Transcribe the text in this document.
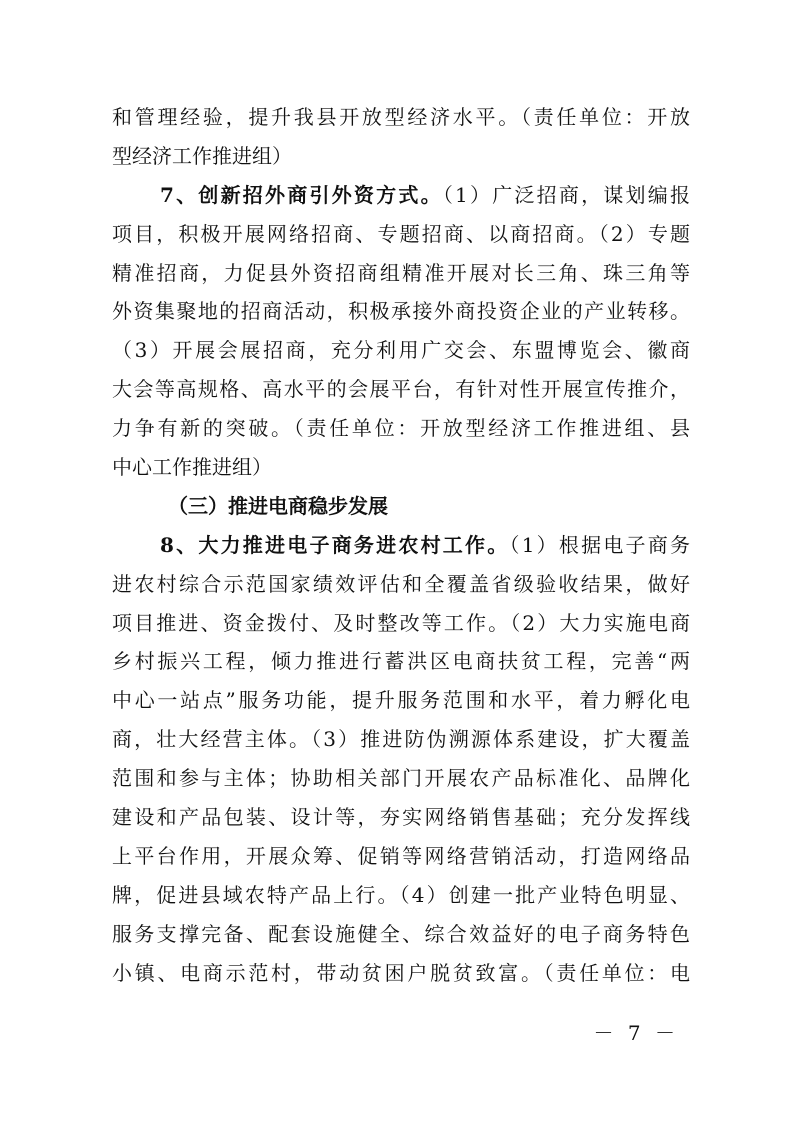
和管理经验，提升我县开放型经济水平。（责任单位：开放
型经济工作推进组）
7、创新招外商引外资方式。（1）广泛招商，谋划编报
项目，积极开展网络招商、专题招商、以商招商。（2）专题
精准招商，力促县外资招商组精准开展对长三角、珠三角等
外资集聚地的招商活动，积极承接外商投资企业的产业转移。
（3）开展会展招商，充分利用广交会、东盟博览会、徽商
大会等高规格、高水平的会展平台，有针对性开展宣传推介，
力争有新的突破。（责任单位：开放型经济工作推进组、县
中心工作推进组）
（三）推进电商稳步发展
8、大力推进电子商务进农村工作。（1）根据电子商务
进农村综合示范国家绩效评估和全覆盖省级验收结果，做好
项目推进、资金拨付、及时整改等工作。（2）大力实施电商
乡村振兴工程，倾力推进行蓄洪区电商扶贫工程，完善“两
中心一站点”服务功能，提升服务范围和水平，着力孵化电
商，壮大经营主体。（3）推进防伪溯源体系建设，扩大覆盖
范围和参与主体；协助相关部门开展农产品标准化、品牌化
建设和产品包装、设计等，夯实网络销售基础；充分发挥线
上平台作用，开展众筹、促销等网络营销活动，打造网络品
牌，促进县域农特产品上行。（4）创建一批产业特色明显、
服务支撑完备、配套设施健全、综合效益好的电子商务特色
小镇、电商示范村，带动贫困户脱贫致富。（责任单位：电
－ 7 －
